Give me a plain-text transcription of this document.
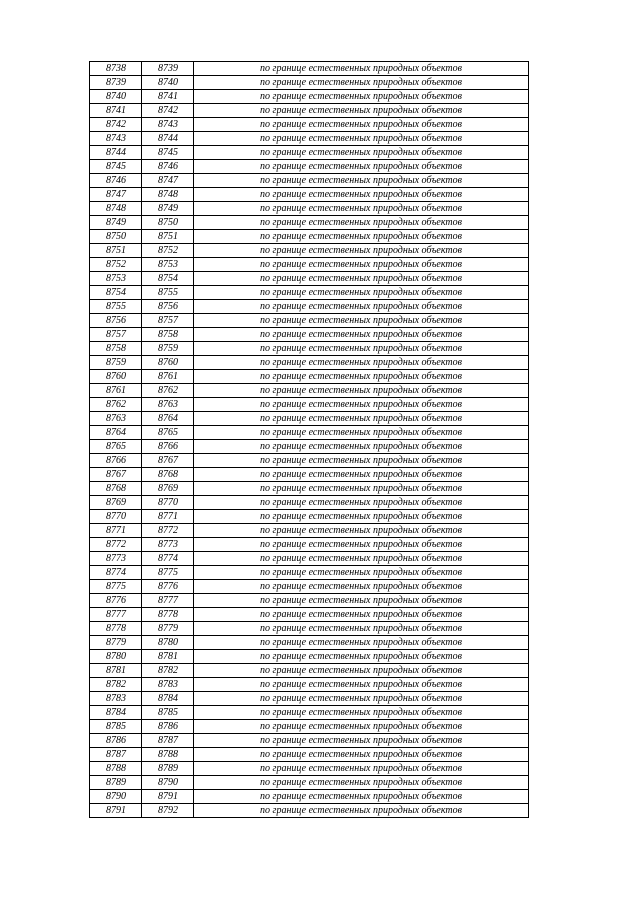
8738	8739	по границе естественных природных объектов
8739	8740	по границе естественных природных объектов
8740	8741	по границе естественных природных объектов
8741	8742	по границе естественных природных объектов
8742	8743	по границе естественных природных объектов
8743	8744	по границе естественных природных объектов
8744	8745	по границе естественных природных объектов
8745	8746	по границе естественных природных объектов
8746	8747	по границе естественных природных объектов
8747	8748	по границе естественных природных объектов
8748	8749	по границе естественных природных объектов
8749	8750	по границе естественных природных объектов
8750	8751	по границе естественных природных объектов
8751	8752	по границе естественных природных объектов
8752	8753	по границе естественных природных объектов
8753	8754	по границе естественных природных объектов
8754	8755	по границе естественных природных объектов
8755	8756	по границе естественных природных объектов
8756	8757	по границе естественных природных объектов
8757	8758	по границе естественных природных объектов
8758	8759	по границе естественных природных объектов
8759	8760	по границе естественных природных объектов
8760	8761	по границе естественных природных объектов
8761	8762	по границе естественных природных объектов
8762	8763	по границе естественных природных объектов
8763	8764	по границе естественных природных объектов
8764	8765	по границе естественных природных объектов
8765	8766	по границе естественных природных объектов
8766	8767	по границе естественных природных объектов
8767	8768	по границе естественных природных объектов
8768	8769	по границе естественных природных объектов
8769	8770	по границе естественных природных объектов
8770	8771	по границе естественных природных объектов
8771	8772	по границе естественных природных объектов
8772	8773	по границе естественных природных объектов
8773	8774	по границе естественных природных объектов
8774	8775	по границе естественных природных объектов
8775	8776	по границе естественных природных объектов
8776	8777	по границе естественных природных объектов
8777	8778	по границе естественных природных объектов
8778	8779	по границе естественных природных объектов
8779	8780	по границе естественных природных объектов
8780	8781	по границе естественных природных объектов
8781	8782	по границе естественных природных объектов
8782	8783	по границе естественных природных объектов
8783	8784	по границе естественных природных объектов
8784	8785	по границе естественных природных объектов
8785	8786	по границе естественных природных объектов
8786	8787	по границе естественных природных объектов
8787	8788	по границе естественных природных объектов
8788	8789	по границе естественных природных объектов
8789	8790	по границе естественных природных объектов
8790	8791	по границе естественных природных объектов
8791	8792	по границе естественных природных объектов
